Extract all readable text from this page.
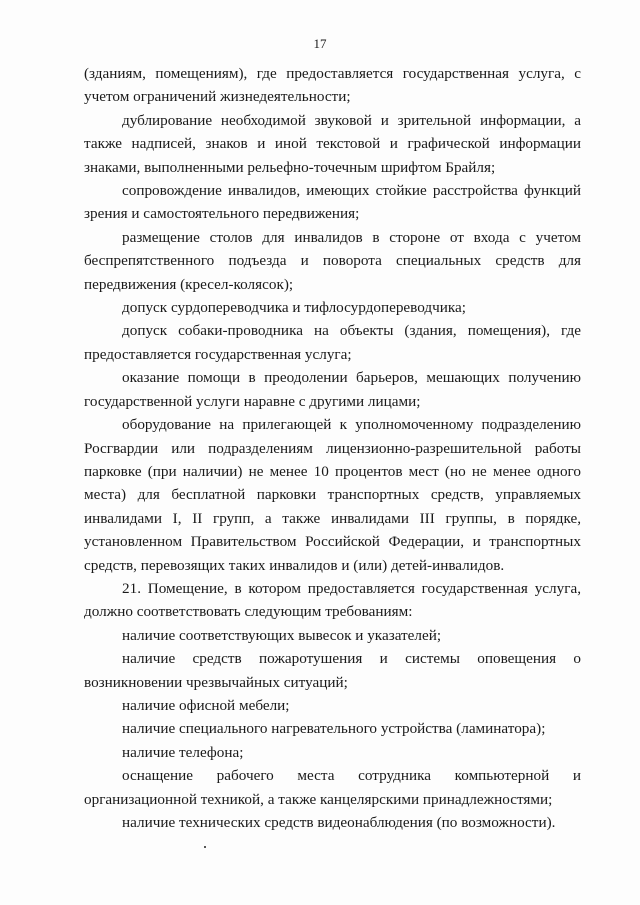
17

(зданиям, помещениям), где предоставляется государственная услуга, с учетом ограничений жизнедеятельности;

дублирование необходимой звуковой и зрительной информации, а также надписей, знаков и иной текстовой и графической информации знаками, выполненными рельефно-точечным шрифтом Брайля;

сопровождение инвалидов, имеющих стойкие расстройства функций зрения и самостоятельного передвижения;

размещение столов для инвалидов в стороне от входа с учетом беспрепятственного подъезда и поворота специальных средств для передвижения (кресел-колясок);

допуск сурдопереводчика и тифлосурдопереводчика;

допуск собаки-проводника на объекты (здания, помещения), где предоставляется государственная услуга;

оказание помощи в преодолении барьеров, мешающих получению государственной услуги наравне с другими лицами;

оборудование на прилегающей к уполномоченному подразделению Росгвардии или подразделениям лицензионно-разрешительной работы парковке (при наличии) не менее 10 процентов мест (но не менее одного места) для бесплатной парковки транспортных средств, управляемых инвалидами I, II групп, а также инвалидами III группы, в порядке, установленном Правительством Российской Федерации, и транспортных средств, перевозящих таких инвалидов и (или) детей-инвалидов.

21. Помещение, в котором предоставляется государственная услуга, должно соответствовать следующим требованиям:

наличие соответствующих вывесок и указателей;

наличие средств пожаротушения и системы оповещения о возникновении чрезвычайных ситуаций;

наличие офисной мебели;

наличие специального нагревательного устройства (ламинатора);

наличие телефона;

оснащение рабочего места сотрудника компьютерной и организационной техникой, а также канцелярскими принадлежностями;

наличие технических средств видеонаблюдения (по возможности).
